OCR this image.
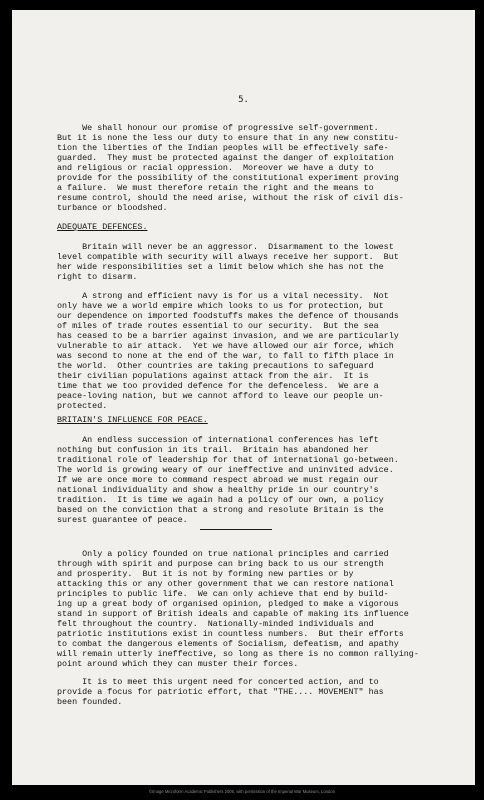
5.
We shall honour our promise of progressive self-government.
But it is none the less our duty to ensure that in any new constitu-
tion the liberties of the Indian peoples will be effectively safe-
guarded.  They must be protected against the danger of exploitation
and religious or racial oppression.  Moreover we have a duty to
provide for the possibility of the constitutional experiment proving
a failure.  We must therefore retain the right and the means to
resume control, should the need arise, without the risk of civil dis-
turbance or bloodshed.
ADEQUATE DEFENCES.
Britain will never be an aggressor.  Disarmament to the lowest
level compatible with security will always receive her support.  But
her wide responsibilities set a limit below which she has not the
right to disarm.
A strong and efficient navy is for us a vital necessity.  Not
only have we a world empire which looks to us for protection, but
our dependence on imported foodstuffs makes the defence of thousands
of miles of trade routes essential to our security.  But the sea
has ceased to be a barrier against invasion, and we are particularly
vulnerable to air attack.  Yet we have allowed our air force, which
was second to none at the end of the war, to fall to fifth place in
the world.  Other countries are taking precautions to safeguard
their civilian populations against attack from the air.  It is
time that we too provided defence for the defenceless.  We are a
peace-loving nation, but we cannot afford to leave our people un-
protected.
BRITAIN'S INFLUENCE FOR PEACE.
An endless succession of international conferences has left
nothing but confusion in its trail.  Britain has abandoned her
traditional role of leadership for that of international go-between.
The world is growing weary of our ineffective and uninvited advice.
If we are once more to command respect abroad we must regain our
national individuality and show a healthy pride in our country's
tradition.  It is time we again had a policy of our own, a policy
based on the conviction that a strong and resolute Britain is the
surest guarantee of peace.
Only a policy founded on true national principles and carried
through with spirit and purpose can bring back to us our strength
and prosperity.  But it is not by forming new parties or by
attacking this or any other government that we can restore national
principles to public life.  We can only achieve that end by build-
ing up a great body of organised opinion, pledged to make a vigorous
stand in support of British ideals and capable of making its influence
felt throughout the country.  Nationally-minded individuals and
patriotic institutions exist in countless numbers.  But their efforts
to combat the dangerous elements of Socialism, defeatism, and apathy
will remain utterly ineffective, so long as there is no common rallying-
point around which they can muster their forces.
It is to meet this urgent need for concerted action, and to
provide a focus for patriotic effort, that "THE.... MOVEMENT" has
been founded.
©Image Microform Academic Publishers 2005, with permission of the Imperial War Museum, London
